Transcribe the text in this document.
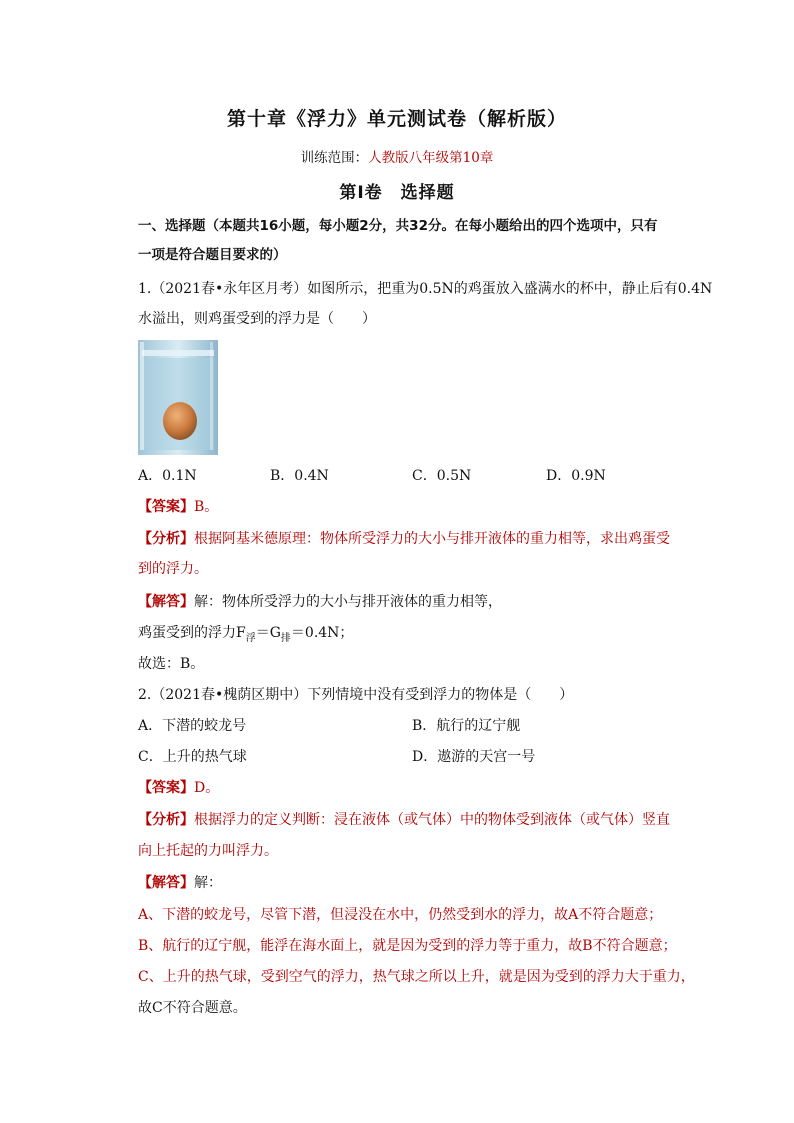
第十章《浮力》单元测试卷（解析版）
训练范围：人教版八年级第10章
第Ⅰ卷　选择题
一、选择题（本题共16小题，每小题2分，共32分。在每小题给出的四个选项中，只有
一项是符合题目要求的）
1.（2021春•永年区月考）如图所示，把重为0.5N的鸡蛋放入盛满水的杯中，静止后有0.4N
水溢出，则鸡蛋受到的浮力是（　　）
A．0.1N	B．0.4N	C．0.5N	D．0.9N
【答案】B。
【分析】根据阿基米德原理：物体所受浮力的大小与排开液体的重力相等，求出鸡蛋受
到的浮力。
【解答】解：物体所受浮力的大小与排开液体的重力相等，
鸡蛋受到的浮力$F_浮=G_排=0.4N$；
故选：B。
2.（2021春•槐荫区期中）下列情境中没有受到浮力的物体是（　　）
A．下潜的蛟龙号	B．航行的辽宁舰
C．上升的热气球	D．遨游的天宫一号
【答案】D。
【分析】根据浮力的定义判断：浸在液体（或气体）中的物体受到液体（或气体）竖直
向上托起的力叫浮力。
【解答】解：
A、下潜的蛟龙号，尽管下潜，但浸没在水中，仍然受到水的浮力，故A不符合题意；
B、航行的辽宁舰，能浮在海水面上，就是因为受到的浮力等于重力，故B不符合题意；
C、上升的热气球，受到空气的浮力，热气球之所以上升，就是因为受到的浮力大于重力，
故C不符合题意。
